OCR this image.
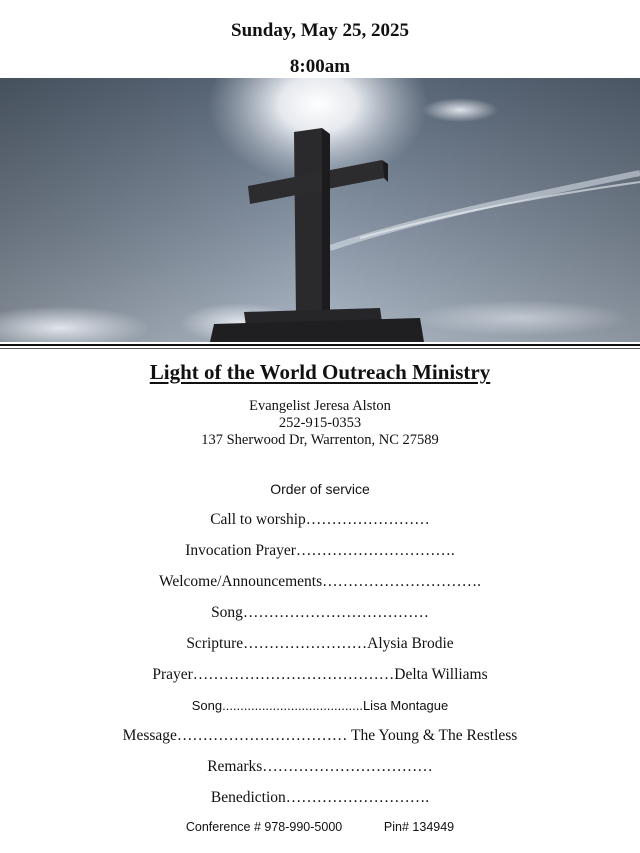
Sunday, May 25, 2025
8:00am
Light of the World Outreach Ministry
Evangelist Jeresa Alston
252-915-0353
137 Sherwood Dr, Warrenton, NC 27589
Order of service
Call to worship……………………
Invocation Prayer………………………….
Welcome/Announcements………………………….
Song………………………………
Scripture……………………Alysia Brodie
Prayer…………………………………Delta Williams
Song.......................................Lisa Montague
Message…………………………… The Young & The Restless
Remarks……………………………
Benediction……………………….
Conference # 978-990-5000	Pin# 134949
